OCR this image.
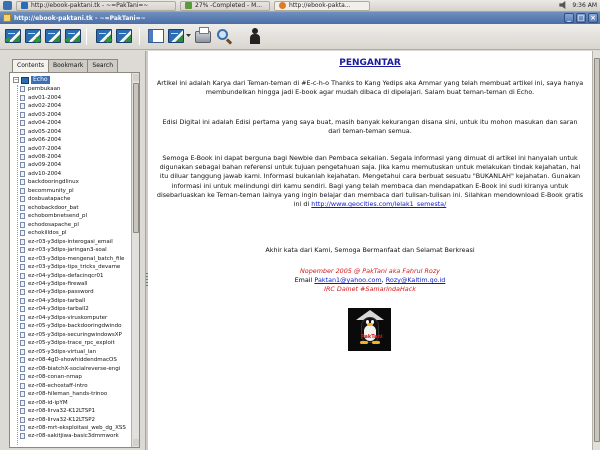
http://ebook-paktani.tk - ~=PakTani=~	27% -Completed - M...	http://ebook-pakta...	9:36 AM
http://ebook-paktani.tk - ~=PakTani=~	_ □ ×
Contents	Bookmark	Search
−	Echo
pembukaan
adv01-2004
adv02-2004
adv03-2004
adv04-2004
adv05-2004
adv06-2004
adv07-2004
adv08-2004
adv09-2004
adv10-2004
backdooringdlinux
becommunity_pl
dosbuatapache
echobackdoor_bat
echobombnetsend_pl
echodosapache_pl
echokilldos_pl
ez-r03-y3dips-interogasi_email
ez-r03-y3dips-jaringan3-soal
ez-r03-y3dips-mengenal_batch_file
ez-r03-y3dips-tips_tricks_devame
ez-r04-y3dips-defacinqcr01
ez-r04-y3dips-firewall
ez-r04-y3dips-password
ez-r04-y3dips-tarball
ez-r04-y3dips-tarball2
ez-r04-y3dips-viruskomputer
ez-r05-y3dips-backdooringdwindo
ez-r05-y3dips-securingwindowsXP
ez-r05-y3dips-trace_rpc_exploit
ez-r05-y3dips-virtual_lan
ez-r08-4gD-showhiddendmacOS
ez-r08-biatchX-socialreverse-engi
ez-r08-conan-nmap
ez-r08-echostaff-intro
ez-r08-hileman_hands-trinoo
ez-r08-id-ipYM
ez-r08-lirva32-K12LTSP1
ez-r08-lirva32-K12LTSP2
ez-r08-mrt-eksploitasi_web_dg_XSS
ez-r08-sakitjiwa-basic3dmmwork
PENGANTAR
Artikel ini adalah Karya dari Teman-teman di #E-c-h-o Thanks to Kang Yedips aka Ammar yang telah membuat artikel ini, saya hanya membundelkan hingga jadi E-book agar mudah dibaca di dipelajari. Salam buat teman-teman di Echo.
Edisi Digital ini adalah Edisi pertama yang saya buat, masih banyak kekurangan disana sini, untuk itu mohon masukan dan saran dari teman-teman semua.
Semoga E-Book ini dapat berguna bagi Newbie dan Pembaca sekalian. Segala informasi yang dimuat di artikel ini hanyalah untuk digunakan sebagai bahan referensi untuk tujuan pengetahuan saja. Jika kamu memutuskan untuk melakukan tindak kejahatan, hal itu diluar tanggung jawab kami. Informasi bukanlah kejahatan. Mengetahui cara berbuat sesuatu "BUKANLAH" kejahatan. Gunakan informasi ini untuk melindungi diri kamu sendiri. Bagi yang telah membaca dan mendapatkan E-Book ini sudi kiranya untuk disebarluaskan ke Teman-teman lainya yang ingin belajar dan membaca dari tulisan-tulisan ini. Silahkan mendownload E-Book gratis ini di http://www.geocities.com/lelak1_semesta/
Akhir kata dari Kami, Semoga Bermanfaat dan Selamat Berkreasi
Nopember 2005 @ PakTani aka Fahrul Rozy
Email Paktan1@yahoo.com, Rozy@Kaltim.go.id
IRC Dalnet #SamarindaHack
PakTani
